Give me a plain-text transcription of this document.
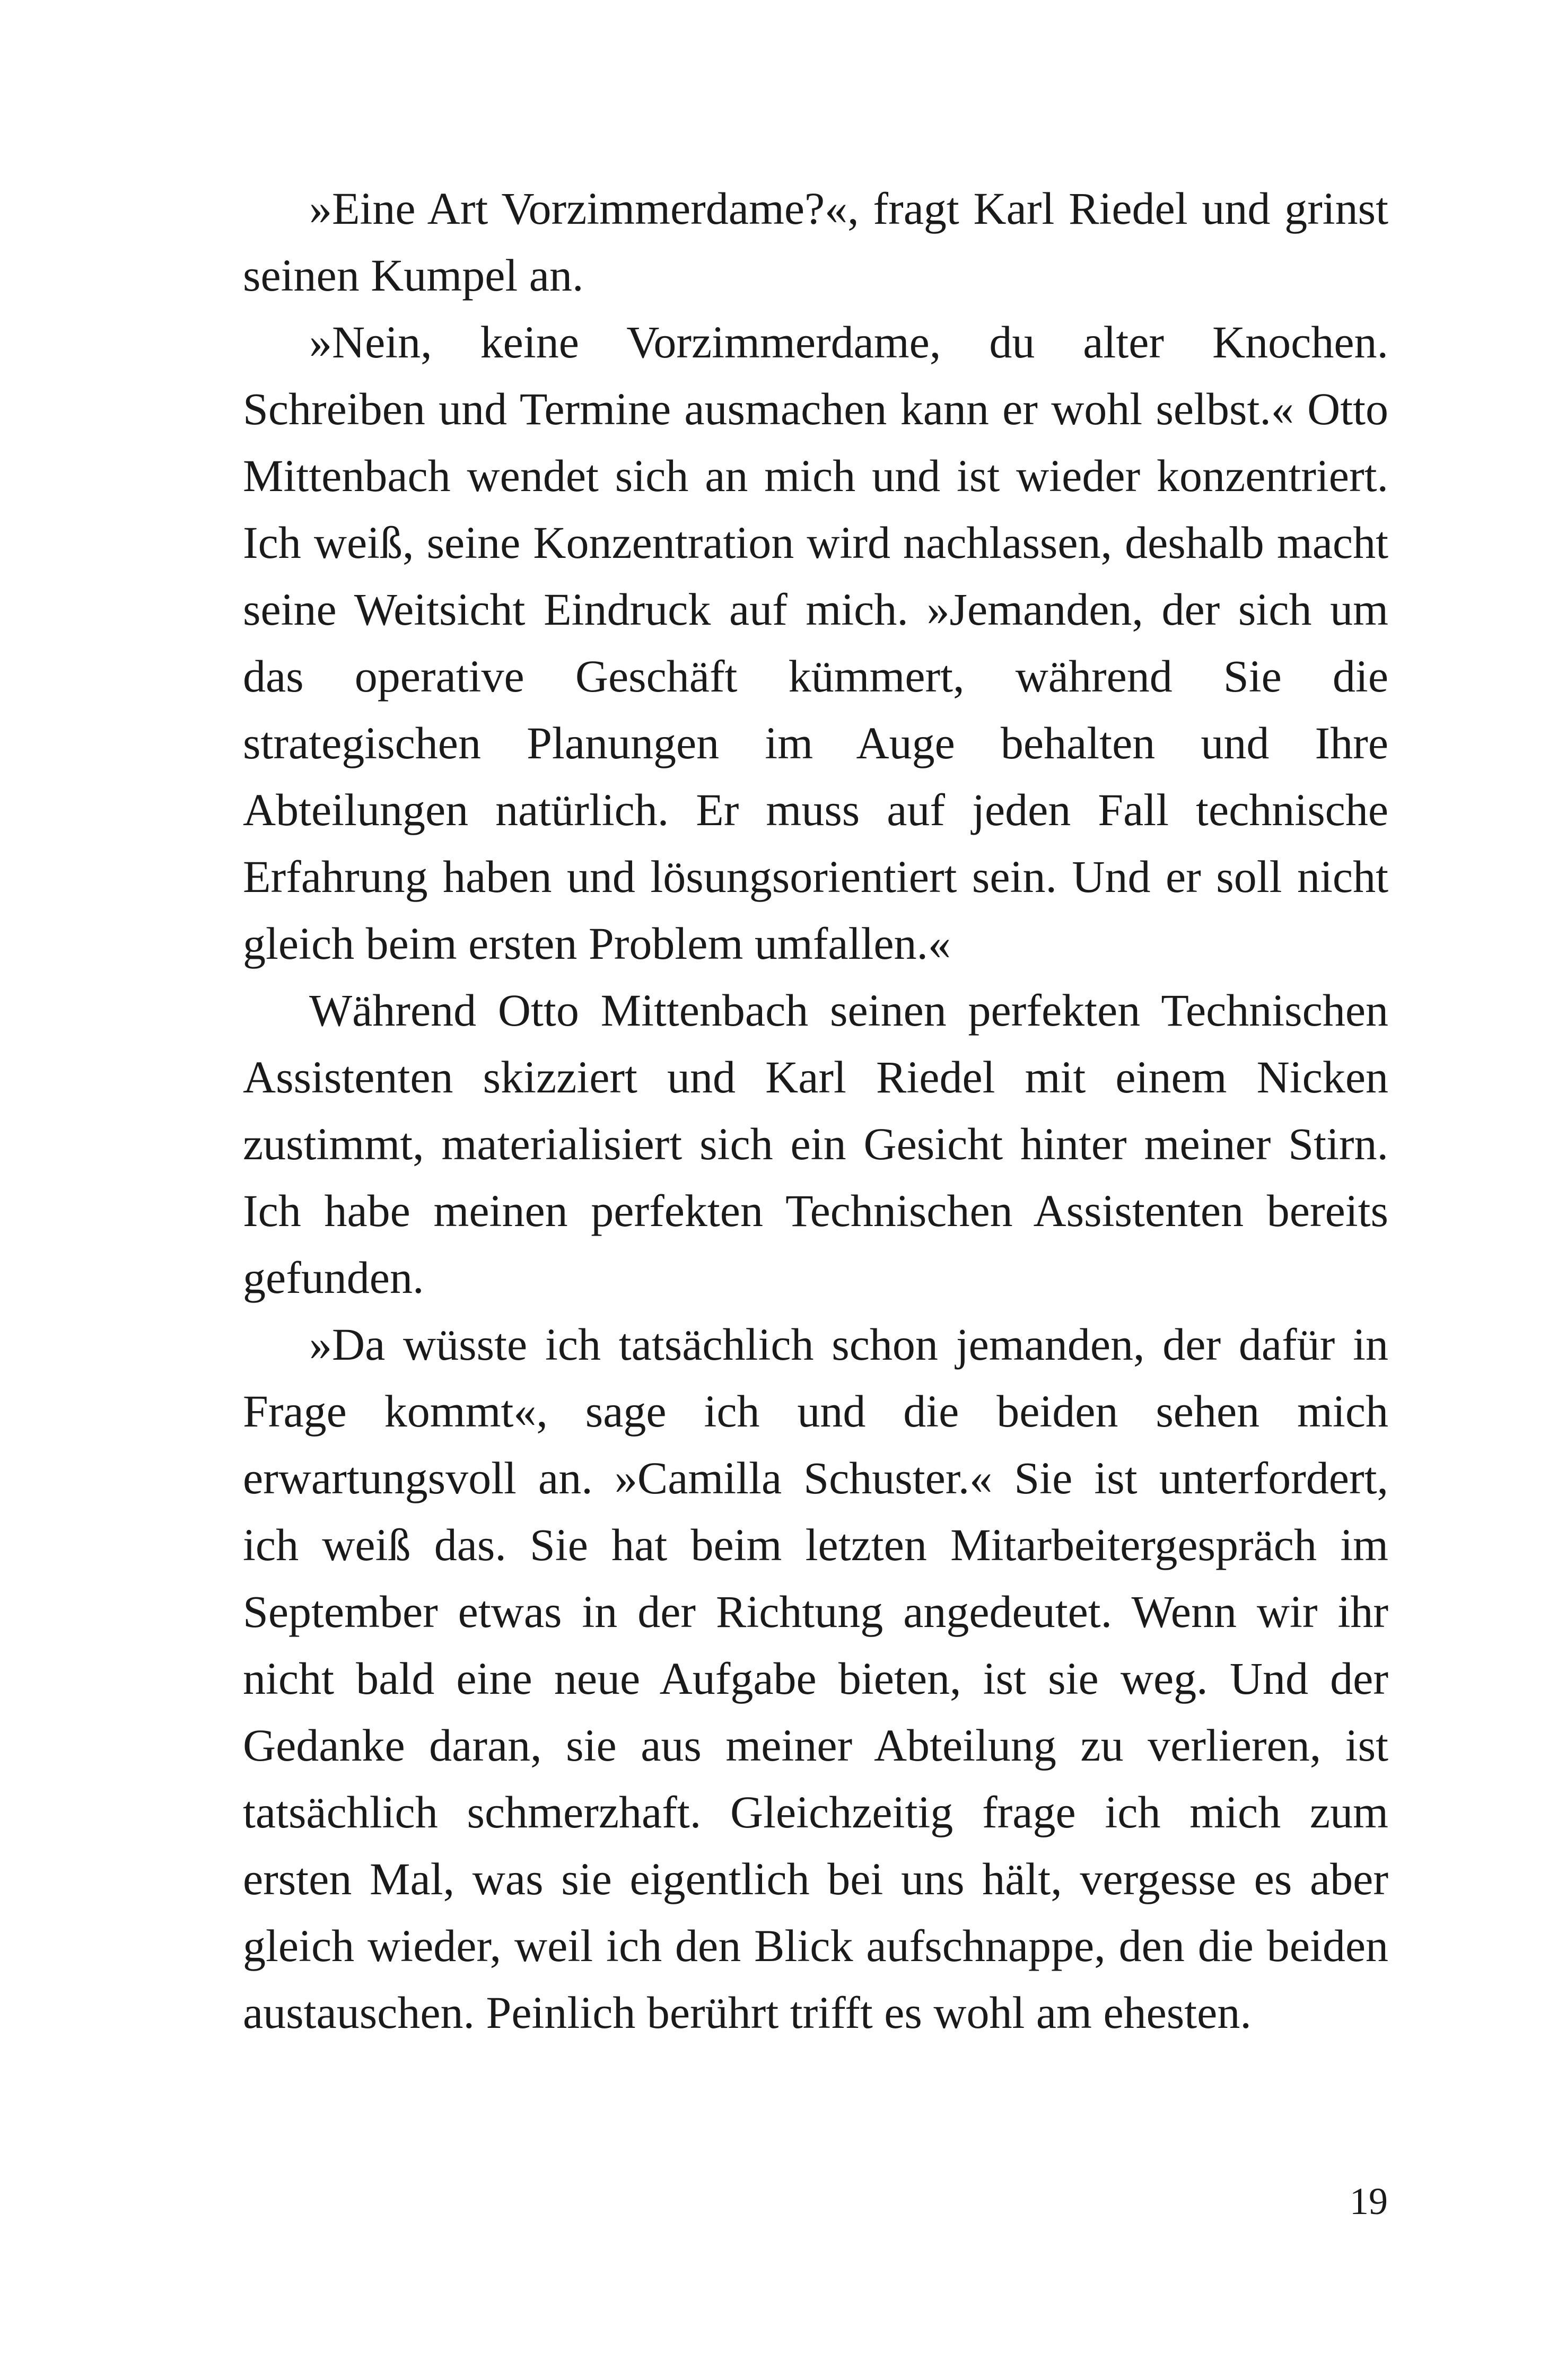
»Eine Art Vorzimmerdame?«, fragt Karl Riedel und grinst seinen Kumpel an.

»Nein, keine Vorzimmerdame, du alter Knochen. Schreiben und Termine ausmachen kann er wohl selbst.« Otto Mittenbach wendet sich an mich und ist wieder konzentriert. Ich weiß, seine Konzentration wird nachlassen, deshalb macht seine Weitsicht Eindruck auf mich. »Jemanden, der sich um das operative Geschäft kümmert, während Sie die strategischen Planungen im Auge behalten und Ihre Abteilungen natürlich. Er muss auf jeden Fall technische Erfahrung haben und lösungsorientiert sein. Und er soll nicht gleich beim ersten Problem umfallen.«

Während Otto Mittenbach seinen perfekten Technischen Assistenten skizziert und Karl Riedel mit einem Nicken zustimmt, materialisiert sich ein Gesicht hinter meiner Stirn. Ich habe meinen perfekten Technischen Assistenten bereits gefunden.

»Da wüsste ich tatsächlich schon jemanden, der dafür in Frage kommt«, sage ich und die beiden sehen mich erwartungsvoll an. »Camilla Schuster.« Sie ist unterfordert, ich weiß das. Sie hat beim letzten Mitarbeitergespräch im September etwas in der Richtung angedeutet. Wenn wir ihr nicht bald eine neue Aufgabe bieten, ist sie weg. Und der Gedanke daran, sie aus meiner Abteilung zu verlieren, ist tatsächlich schmerzhaft. Gleichzeitig frage ich mich zum ersten Mal, was sie eigentlich bei uns hält, vergesse es aber gleich wieder, weil ich den Blick aufschnappe, den die beiden austauschen. Peinlich berührt trifft es wohl am ehesten.

19
